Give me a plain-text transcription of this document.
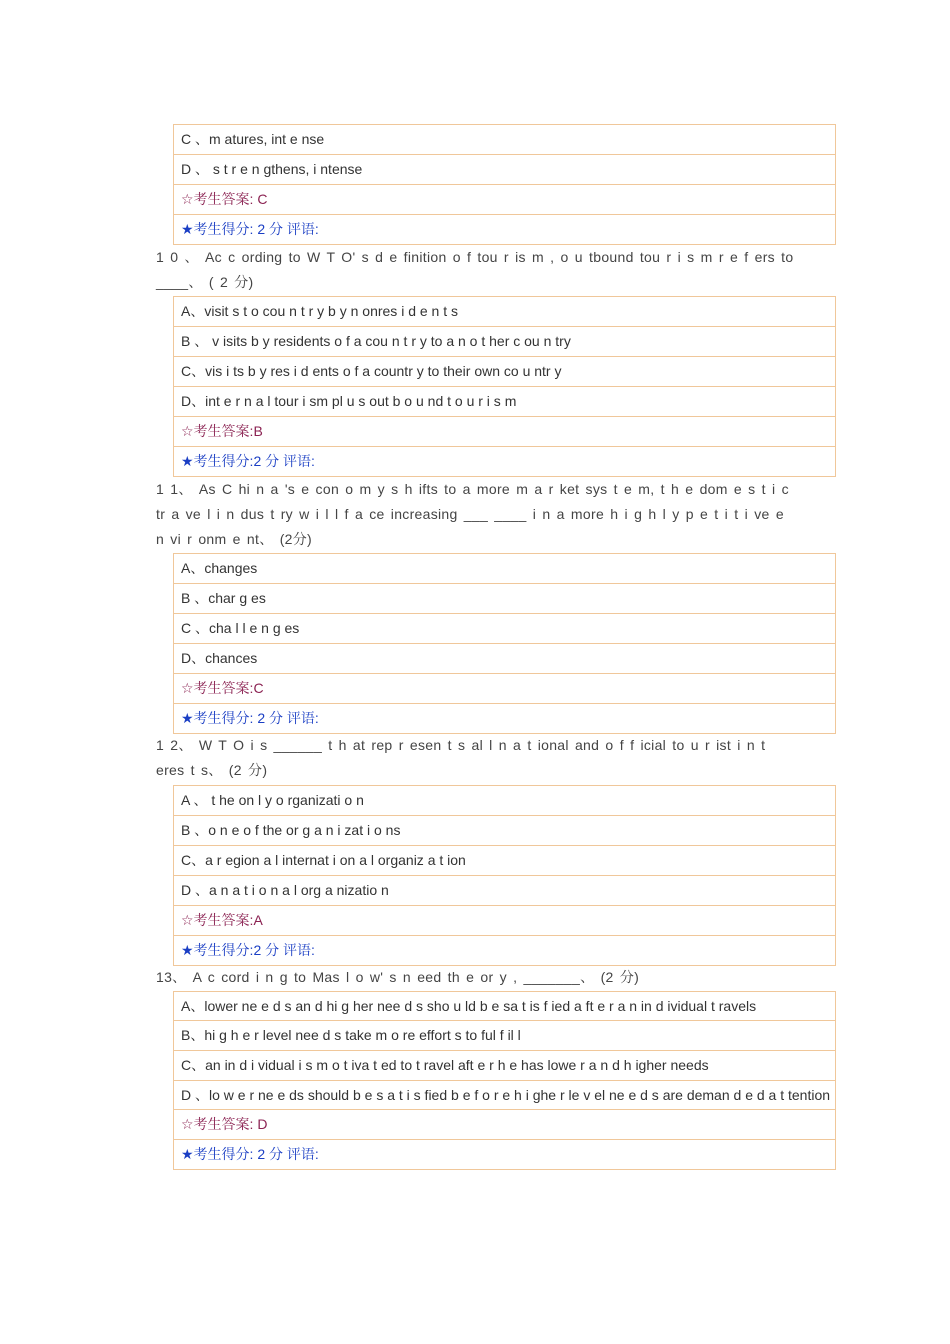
C 、m atures, int e nse
D 、 s t r e n gthens, i ntense
☆考生答案: C
★考生得分: 2 分 评语:
1 0 、 Ac c ording to W T O' s d e finition o f tou r is m , o u tbound tou r i s m r e f ers to ____、 ( 2 分)
A、visit s t o cou n t r y b y n onres i d e n t s
B 、 v isits b y residents o f a cou n t r y to a n o t her c ou n try
C、vis i ts b y res i d ents o f a countr y to their own co u ntr y
D、int e r n a l tour i sm pl u s out b o u nd t o u r i s m
☆考生答案:B
★考生得分:2 分 评语:
1 1、 As C hi n a 's e con o m y s h ifts to a more m a r ket sys t e m, t h e dom e s t i c tr a ve l i n dus t ry w i l l f a ce increasing ___ ____ i n a more h i g h l y p e t i t i ve e n vi r onm e nt、 (2分)
A、changes
B 、char g es
C 、cha l l e n g es
D、chances
☆考生答案:C
★考生得分: 2 分 评语:
1 2、 W T O i s ______ t h at rep r esen t s al l n a t ional and o f f icial to u r ist i n t eres t s、 (2 分)
A 、 t he on l y o rganizati o n
B 、o n e o f the or g a n i zat i o ns
C、a r egion a l internat i on a l organiz a t ion
D 、a n a t i o n a l org a nizatio n
☆考生答案:A
★考生得分:2 分 评语:
13、 A c cord i n g to Mas l o w' s n eed th e or y , _______、 (2 分)
A、lower ne e d s an d hi g her nee d s sho u ld b e sa t is f ied a ft e r a n in d ividual t ravels
B、hi g h e r level nee d s take m o re effort s to ful f il l
C、an in d i vidual i s m o t iva t ed to t ravel aft e r h e has lowe r a n d h igher needs
D 、lo w e r ne e ds should b e s a t i s fied b e f o r e h i ghe r le v el ne e d s are deman d e d a t tention
☆考生答案: D
★考生得分: 2 分 评语:
